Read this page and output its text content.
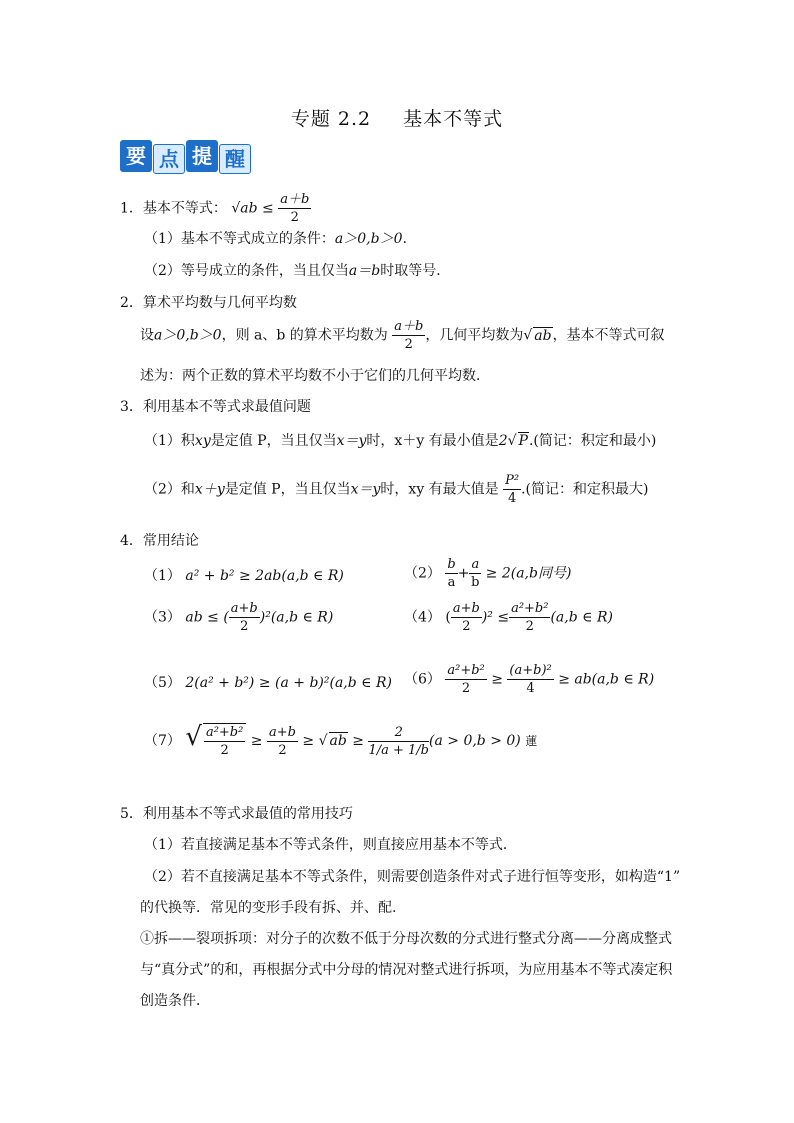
专题 2.2 基本不等式
要 点 提 醒
1．基本不等式： $√ab \le \frac{a+b}{2}$
（1）基本不等式成立的条件：a＞0,b＞0.
（2）等号成立的条件，当且仅当a＝b时取等号．
2．算术平均数与几何平均数
设a＞0,b＞0，则 a、b 的算术平均数为 $\frac{a+b}{2}$ ，几何平均数为√ ab，基本不等式可叙
述为：两个正数的算术平均数不小于它们的几何平均数．
3．利用基本不等式求最值问题
（1）积xy是定值 P，当且仅当x＝y时，x＋y 有最小值是2√ P.(简记：积定和最小)
（2）和x＋y是定值 P，当且仅当x＝y时，xy 有最大值是 $\frac{\text{P²}}{4}$ .(简记：和定积最大)
4．常用结论
（1） a² + b² ≥ 2ab(a,b ∈ R)	$(2) \frac{b}{a} + \frac{a}{b} \ge 2(a,b$同号)
（3） ab ≤ ( $\frac{a+b}{2} )^2(a,b$ ∈ R)	（4） ( $\frac{a+b}{2} )^2 \le \frac{\text{a²+b²}}{2} (a,b$ ∈ R)
（5） 2(a² + b²) ≥ (a + b)²(a,b ∈ R) $(6) \frac{\text{a²+b²}}{2} \ge \frac{\text{(a+b)²}}{4} \ge ab(a,b$ ∈ R)
（7） √ $\frac{\text{a²+b²}}{2} \ge \frac{a+b}{2}$ ≥ √ ab ≥ $\frac{2}{1/a + 1/b} (a > 0,b > 0)$ 蓮
5．利用基本不等式求最值的常用技巧
（1）若直接满足基本不等式条件，则直接应用基本不等式．
（2）若不直接满足基本不等式条件，则需要创造条件对式子进行恒等变形，如构造“1”
的代换等．常见的变形手段有拆、并、配.
①拆——裂项拆项：对分子的次数不低于分母次数的分式进行整式分离——分离成整式
与“真分式”的和，再根据分式中分母的情况对整式进行拆项，为应用基本不等式凑定积
创造条件．
